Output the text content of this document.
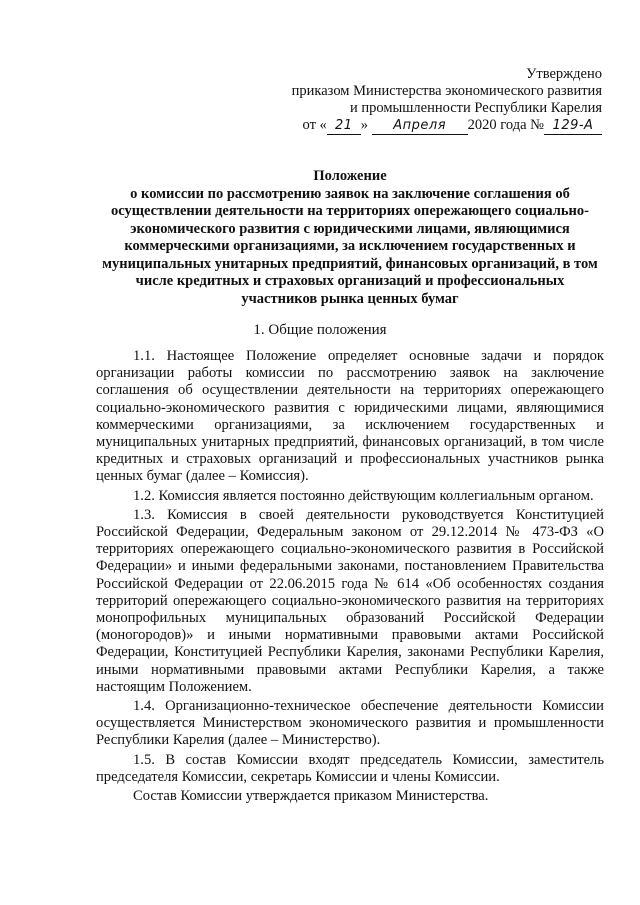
Утверждено
приказом Министерства экономического развития
и промышленности Республики Карелия
от « 21 » Апреля 2020 года № 129-А
Положение
о комиссии по рассмотрению заявок на заключение соглашения об осуществлении деятельности на территориях опережающего социально-экономического развития с юридическими лицами, являющимися коммерческими организациями, за исключением государственных и муниципальных унитарных предприятий, финансовых организаций, в том числе кредитных и страховых организаций и профессиональных участников рынка ценных бумаг
1. Общие положения

1.1. Настоящее Положение определяет основные задачи и порядок организации работы комиссии по рассмотрению заявок на заключение соглашения об осуществлении деятельности на территориях опережающего социально-экономического развития с юридическими лицами, являющимися коммерческими организациями, за исключением государственных и муниципальных унитарных предприятий, финансовых организаций, в том числе кредитных и страховых организаций и профессиональных участников рынка ценных бумаг (далее – Комиссия).

1.2. Комиссия является постоянно действующим коллегиальным органом.

1.3. Комиссия в своей деятельности руководствуется Конституцией Российской Федерации, Федеральным законом от 29.12.2014 № 473-ФЗ «О территориях опережающего социально-экономического развития в Российской Федерации» и иными федеральными законами, постановлением Правительства Российской Федерации от 22.06.2015 года № 614 «Об особенностях создания территорий опережающего социально-экономического развития на территориях монопрофильных муниципальных образований Российской Федерации (моногородов)» и иными нормативными правовыми актами Российской Федерации, Конституцией Республики Карелия, законами Республики Карелия, иными нормативными правовыми актами Республики Карелия, а также настоящим Положением.

1.4. Организационно-техническое обеспечение деятельности Комиссии осуществляется Министерством экономического развития и промышленности Республики Карелия (далее – Министерство).

1.5. В состав Комиссии входят председатель Комиссии, заместитель председателя Комиссии, секретарь Комиссии и члены Комиссии.

Состав Комиссии утверждается приказом Министерства.
